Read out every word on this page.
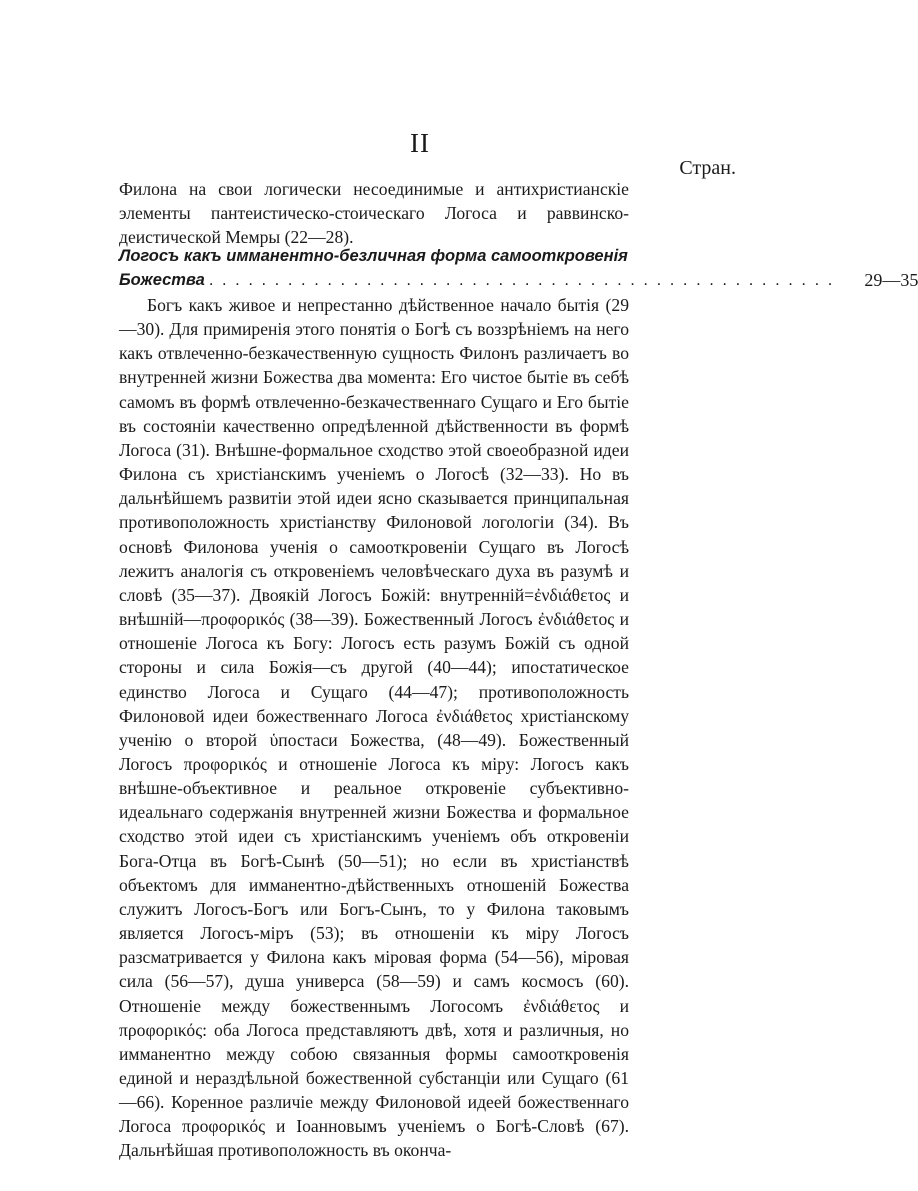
II
Стран.
Филона на свои логически несоединимые и антихристианскіе элементы пантеистическо-стоическаго Логоса и раввинско-деистической Мемры (22—28).
Логосъ какъ имманентно-безличная форма самооткровенія
Божества . . . . . . . . . . . . . . . . . . . . . . . . . . . . . . . . . . . . . . . . . . . . . . . .	29—35
Богъ какъ живое и непрестанно дѣйственное начало бытія (29—30). Для примиренія этого понятія о Богѣ съ воззрѣніемъ на него какъ отвлеченно-безкачественную сущность Филонъ различаетъ во внутренней жизни Божества два момента: Его чистое бытіе въ себѣ самомъ въ формѣ отвлеченно-безкачественнаго Сущаго и Его бытіе въ состояніи качественно опредѣленной дѣйственности въ формѣ Логоса (31). Внѣшне-формальное сходство этой своеобразной идеи Филона съ христіанскимъ ученіемъ о Логосѣ (32—33). Но въ дальнѣйшемъ развитіи этой идеи ясно сказывается принципальная противоположность христіанству Филоновой логологіи (34). Въ основѣ Филонова ученія о самооткровеніи Сущаго въ Логосѣ лежитъ аналогія съ откровеніемъ человѣческаго духа въ разумѣ и словѣ (35—37). Двоякій Логосъ Божій: внутренній=ἐνδιάθετος и внѣшній—προφορικός (38—39). Божественный Логосъ ἐνδιάθετος и отношеніе Логоса къ Богу: Логосъ есть разумъ Божій съ одной стороны и сила Божія—съ другой (40—44); ипостатическое единство Логоса и Сущаго (44—47); противоположность Филоновой идеи божественнаго Логоса ἐνδιάθετος христіанскому ученію о второй ὑпостаси Божества, (48—49). Божественный Логосъ προφορικός и отношеніе Логоса къ міру: Логосъ какъ внѣшне-объективное и реальное откровеніе субъективно-идеальнаго содержанія внутренней жизни Божества и формальное сходство этой идеи съ христіанскимъ ученіемъ объ откровеніи Бога-Отца въ Богѣ-Сынѣ (50—51); но если въ христіанствѣ объектомъ для имманентно-дѣйственныхъ отношеній Божества служитъ Логосъ-Богъ или Богъ-Сынъ, то у Филона таковымъ является Логосъ-міръ (53); въ отношеніи къ міру Логосъ разсматривается у Филона какъ міровая форма (54—56), міровая сила (56—57), душа универса (58—59) и самъ космосъ (60). Отношеніе между божественнымъ Логосомъ ἐνδιάθετος и προφορικός: оба Логоса представляютъ двѣ, хотя и различныя, но имманентно между собою связанныя формы самооткровенія единой и нераздѣльной божественной субстанціи или Сущаго (61—66). Коренное различіе между Филоновой идеей божественнаго Логоса προφορικός и Іоанновымъ ученіемъ о Богѣ-Словѣ (67). Дальнѣйшая противоположность въ оконча-
